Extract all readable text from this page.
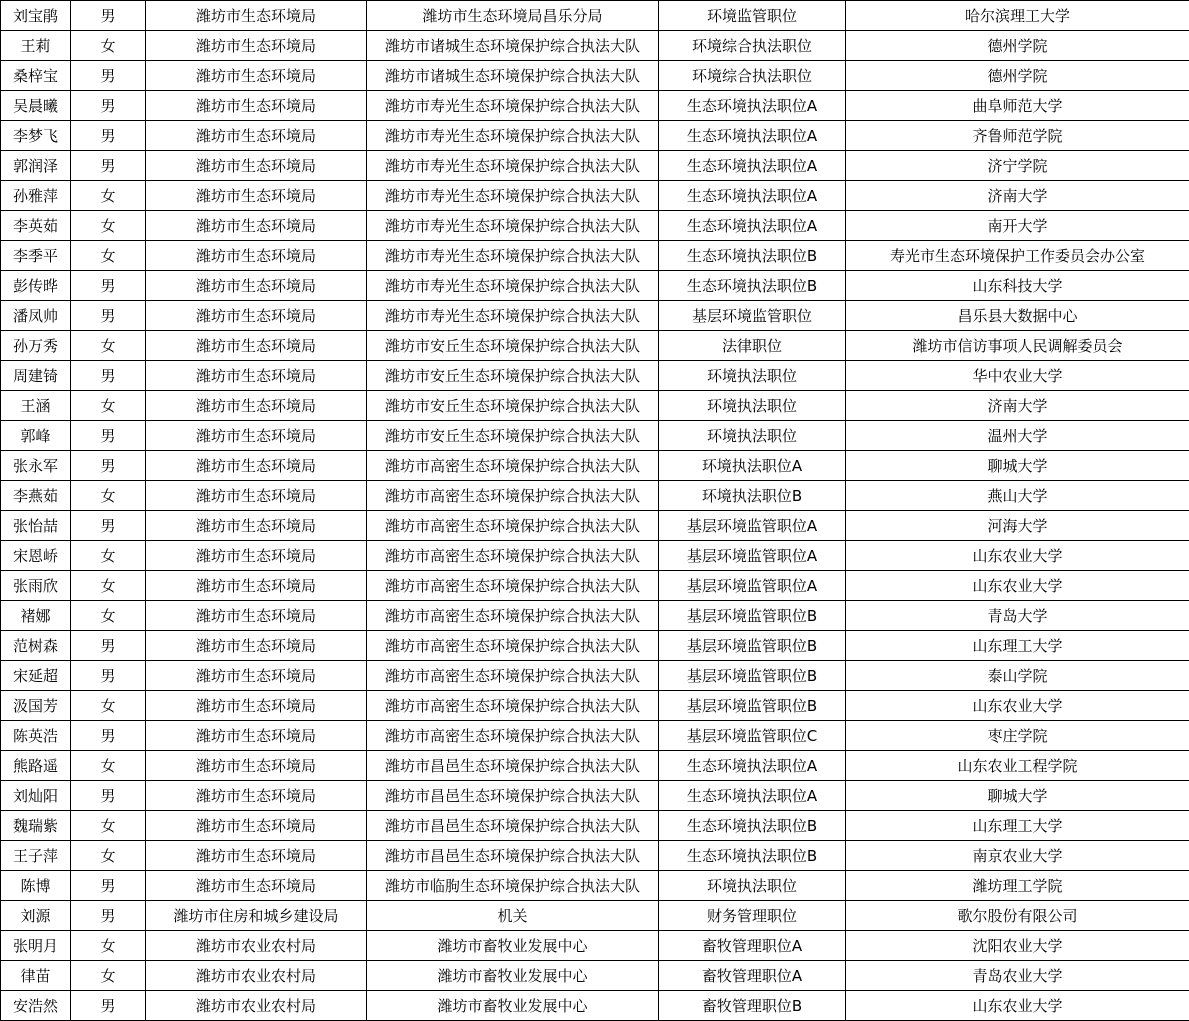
刘宝鹃	男	潍坊市生态环境局	潍坊市生态环境局昌乐分局	环境监管职位	哈尔滨理工大学
王莉	女	潍坊市生态环境局	潍坊市诸城生态环境保护综合执法大队	环境综合执法职位	德州学院
桑梓宝	男	潍坊市生态环境局	潍坊市诸城生态环境保护综合执法大队	环境综合执法职位	德州学院
吴晨曦	男	潍坊市生态环境局	潍坊市寿光生态环境保护综合执法大队	生态环境执法职位A	曲阜师范大学
李梦飞	男	潍坊市生态环境局	潍坊市寿光生态环境保护综合执法大队	生态环境执法职位A	齐鲁师范学院
郭润泽	男	潍坊市生态环境局	潍坊市寿光生态环境保护综合执法大队	生态环境执法职位A	济宁学院
孙雅萍	女	潍坊市生态环境局	潍坊市寿光生态环境保护综合执法大队	生态环境执法职位A	济南大学
李英茹	女	潍坊市生态环境局	潍坊市寿光生态环境保护综合执法大队	生态环境执法职位A	南开大学
李季平	女	潍坊市生态环境局	潍坊市寿光生态环境保护综合执法大队	生态环境执法职位B	寿光市生态环境保护工作委员会办公室
彭传晔	男	潍坊市生态环境局	潍坊市寿光生态环境保护综合执法大队	生态环境执法职位B	山东科技大学
潘凤帅	男	潍坊市生态环境局	潍坊市寿光生态环境保护综合执法大队	基层环境监管职位	昌乐县大数据中心
孙万秀	女	潍坊市生态环境局	潍坊市安丘生态环境保护综合执法大队	法律职位	潍坊市信访事项人民调解委员会
周建锜	男	潍坊市生态环境局	潍坊市安丘生态环境保护综合执法大队	环境执法职位	华中农业大学
王涵	女	潍坊市生态环境局	潍坊市安丘生态环境保护综合执法大队	环境执法职位	济南大学
郭峰	男	潍坊市生态环境局	潍坊市安丘生态环境保护综合执法大队	环境执法职位	温州大学
张永军	男	潍坊市生态环境局	潍坊市高密生态环境保护综合执法大队	环境执法职位A	聊城大学
李燕茹	女	潍坊市生态环境局	潍坊市高密生态环境保护综合执法大队	环境执法职位B	燕山大学
张怡喆	男	潍坊市生态环境局	潍坊市高密生态环境保护综合执法大队	基层环境监管职位A	河海大学
宋恩峤	女	潍坊市生态环境局	潍坊市高密生态环境保护综合执法大队	基层环境监管职位A	山东农业大学
张雨欣	女	潍坊市生态环境局	潍坊市高密生态环境保护综合执法大队	基层环境监管职位A	山东农业大学
褚娜	女	潍坊市生态环境局	潍坊市高密生态环境保护综合执法大队	基层环境监管职位B	青岛大学
范树森	男	潍坊市生态环境局	潍坊市高密生态环境保护综合执法大队	基层环境监管职位B	山东理工大学
宋延超	男	潍坊市生态环境局	潍坊市高密生态环境保护综合执法大队	基层环境监管职位B	泰山学院
汲国芳	女	潍坊市生态环境局	潍坊市高密生态环境保护综合执法大队	基层环境监管职位B	山东农业大学
陈英浩	男	潍坊市生态环境局	潍坊市高密生态环境保护综合执法大队	基层环境监管职位C	枣庄学院
熊路遥	女	潍坊市生态环境局	潍坊市昌邑生态环境保护综合执法大队	生态环境执法职位A	山东农业工程学院
刘灿阳	男	潍坊市生态环境局	潍坊市昌邑生态环境保护综合执法大队	生态环境执法职位A	聊城大学
魏瑞紫	女	潍坊市生态环境局	潍坊市昌邑生态环境保护综合执法大队	生态环境执法职位B	山东理工大学
王子萍	女	潍坊市生态环境局	潍坊市昌邑生态环境保护综合执法大队	生态环境执法职位B	南京农业大学
陈博	男	潍坊市生态环境局	潍坊市临朐生态环境保护综合执法大队	环境执法职位	潍坊理工学院
刘源	男	潍坊市住房和城乡建设局	机关	财务管理职位	歌尔股份有限公司
张明月	女	潍坊市农业农村局	潍坊市畜牧业发展中心	畜牧管理职位A	沈阳农业大学
律苗	女	潍坊市农业农村局	潍坊市畜牧业发展中心	畜牧管理职位A	青岛农业大学
安浩然	男	潍坊市农业农村局	潍坊市畜牧业发展中心	畜牧管理职位B	山东农业大学
